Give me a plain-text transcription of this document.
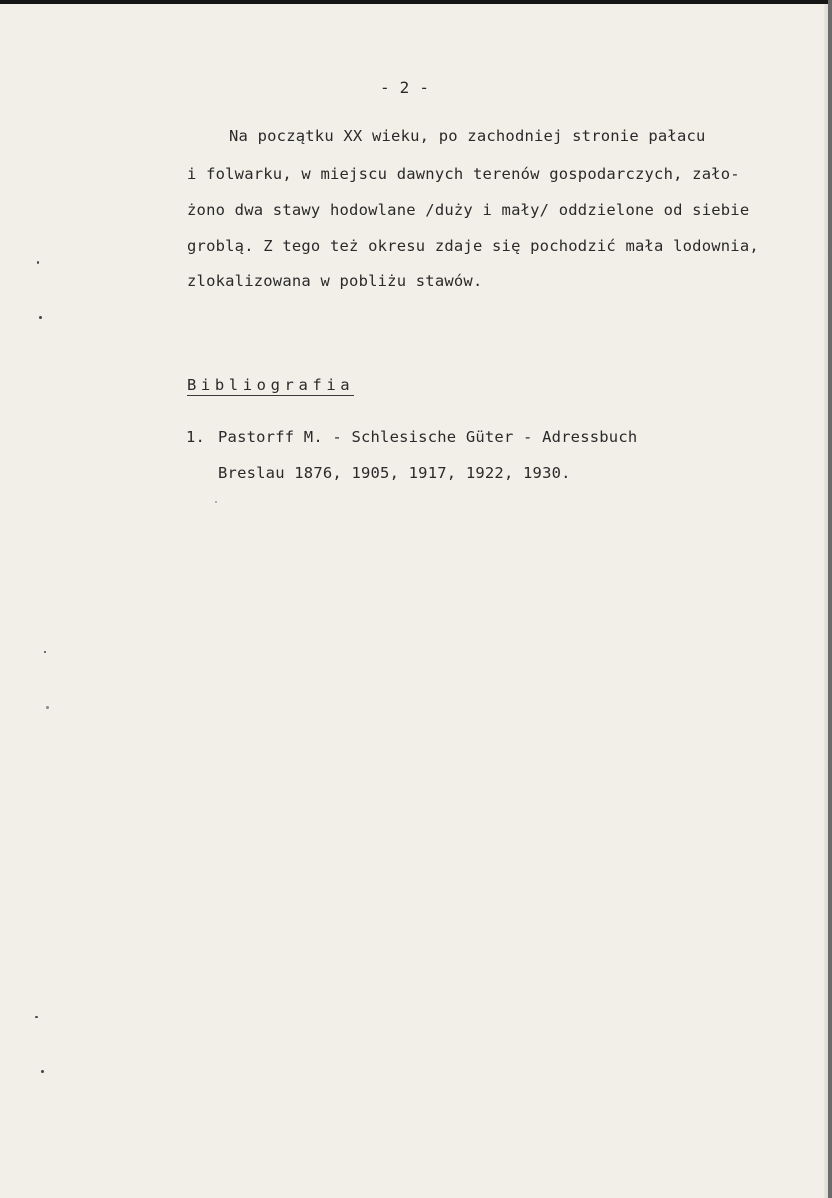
- 2 -

Na początku XX wieku, po zachodniej stronie pałacu

i folwarku, w miejscu dawnych terenów gospodarczych, zało-

żono dwa stawy hodowlane /duży i mały/ oddzielone od siebie

groblą. Z tego też okresu zdaje się pochodzić mała lodownia,

zlokalizowana w pobliżu stawów.

Bibliografia

1. Pastorff M. - Schlesische Güter - Adressbuch
Breslau 1876, 1905, 1917, 1922, 1930.
